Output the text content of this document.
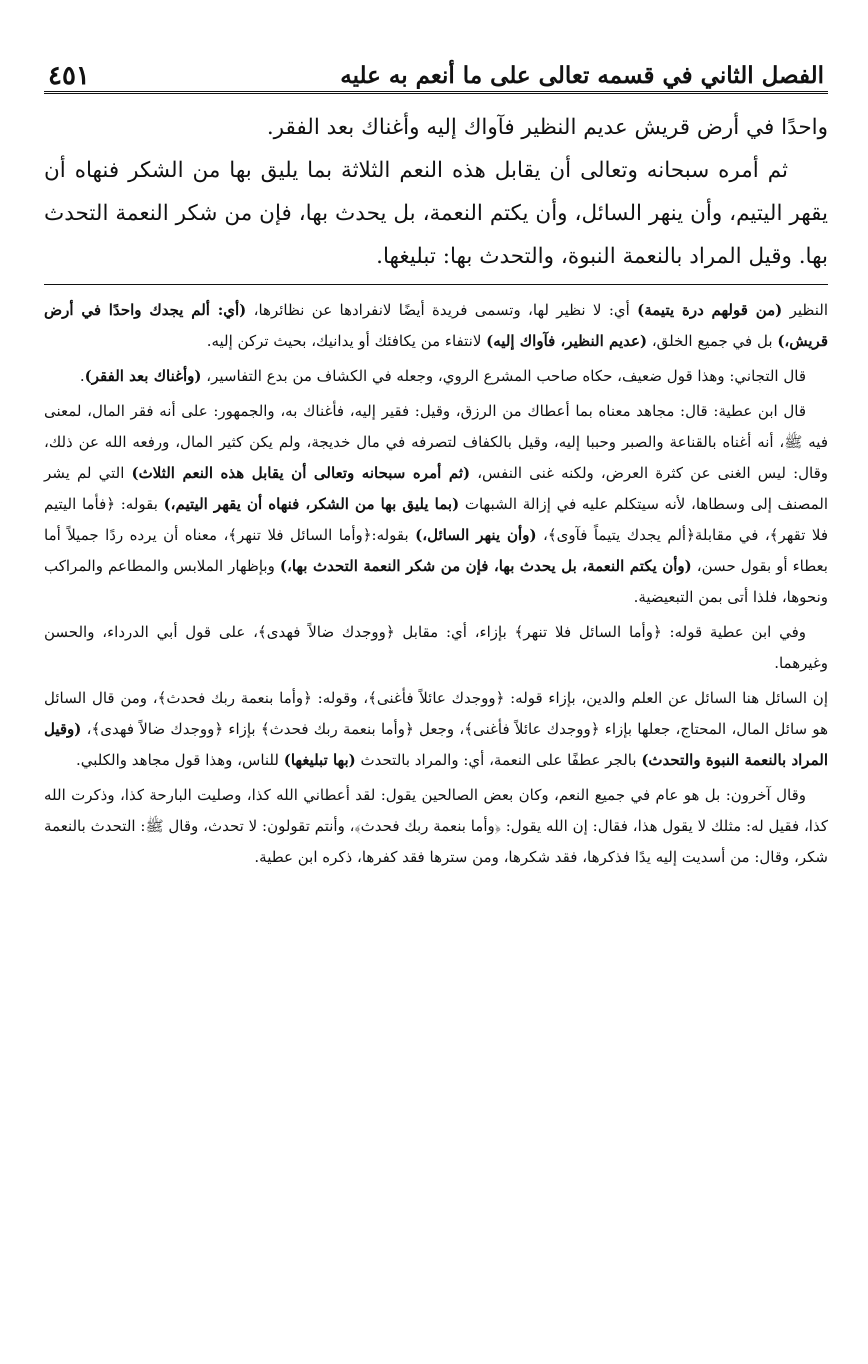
الفصل الثاني في قسمه تعالى على ما أنعم به عليه
٤٥١

واحدًا في أرض قريش عديم النظير فآواك إليه وأغناك بعد الفقر.

ثم أمره سبحانه وتعالى أن يقابل هذه النعم الثلاثة بما يليق بها من الشكر فنهاه أن يقهر اليتيم، وأن ينهر السائل، وأن يكتم النعمة، بل يحدث بها، فإن من شكر النعمة التحدث بها. وقيل المراد بالنعمة النبوة، والتحدث بها: تبليغها.

النظير (من قولهم درة يتيمة) أي: لا نظير لها، وتسمى فريدة أيضًا لانفرادها عن نظائرها، (أي: ألم يجدك واحدًا في أرض قريش،) بل في جميع الخلق، (عديم النظير، فآواك إليه) لانتفاء من يكافئك أو يدانيك، بحيث تركن إليه.

قال التجاني: وهذا قول ضعيف، حكاه صاحب المشرع الروي، وجعله في الكشاف من بدع التفاسير، (وأغناك بعد الفقر).

قال ابن عطية: قال: مجاهد معناه بما أعطاك من الرزق، وقيل: فقير إليه، فأغناك به، والجمهور: على أنه فقر المال، لمعنى فيه ﷺ، أنه أغناه بالقناعة والصبر وحببا إليه، وقيل بالكفاف لتصرفه في مال خديجة، ولم يكن كثير المال، ورفعه الله عن ذلك، وقال: ليس الغنى عن كثرة العرض، ولكنه غنى النفس، (ثم أمره سبحانه وتعالى أن يقابل هذه النعم الثلاث) التي لم يشر المصنف إلى وسطاها، لأنه سيتكلم عليه في إزالة الشبهات (بما يليق بها من الشكر، فنهاه أن يقهر اليتيم،) بقوله: ﴿فأما اليتيم فلا تقهر﴾، في مقابلة﴿ألم يجدك يتيماً فآوى﴾، (وأن ينهر السائل،) بقوله:﴿وأما السائل فلا تنهر﴾، معناه أن يرده ردًا جميلاً أما بعطاء أو بقول حسن، (وأن يكتم النعمة، بل يحدث بها، فإن من شكر النعمة التحدث بها،) وبإظهار الملابس والمطاعم والمراكب ونحوها، فلذا أتى بمن التبعيضية.

وفي ابن عطية قوله: ﴿وأما السائل فلا تنهر﴾ بإزاء، أي: مقابل ﴿ووجدك ضالاً فهدى﴾، على قول أبي الدرداء، والحسن وغيرهما.

إن السائل هنا السائل عن العلم والدين، بإزاء قوله: ﴿ووجدك عائلاً فأغنى﴾، وقوله: ﴿وأما بنعمة ربك فحدث﴾، ومن قال السائل هو سائل المال، المحتاج، جعلها بإزاء ﴿ووجدك عائلاً فأغنى﴾، وجعل ﴿وأما بنعمة ربك فحدث﴾ بإزاء ﴿ووجدك ضالاً فهدى﴾، (وقيل المراد بالنعمة النبوة والتحدث) بالجر عطفًا على النعمة، أي: والمراد بالتحدث (بها تبليغها) للناس، وهذا قول مجاهد والكلبي.

وقال آخرون: بل هو عام في جميع النعم، وكان بعض الصالحين يقول: لقد أعطاني الله كذا، وصليت البارحة كذا، وذكرت الله كذا، فقيل له: مثلك لا يقول هذا، فقال: إن الله يقول: ﴿وأما بنعمة ربك فحدث﴾، وأنتم تقولون: لا تحدث، وقال ﷺ: التحدث بالنعمة شكر، وقال: من أسديت إليه يدًا فذكرها، فقد شكرها، ومن سترها فقد كفرها، ذكره ابن عطية.
